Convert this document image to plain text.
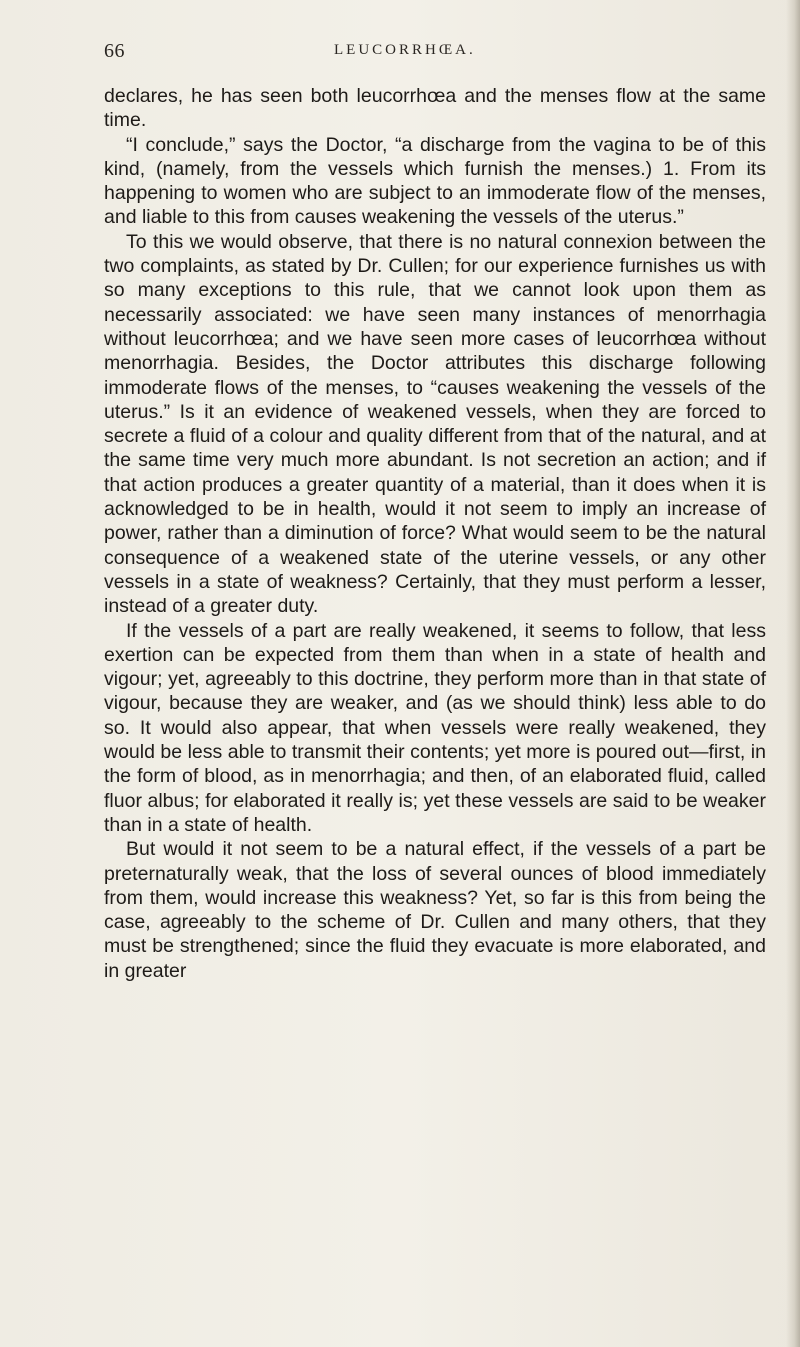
66	LEUCORRHŒA.

declares, he has seen both leucorrhœa and the menses flow at the same time.

“I conclude,” says the Doctor, “a discharge from the vagina to be of this kind, (namely, from the vessels which furnish the menses.) 1. From its happening to women who are subject to an immoderate flow of the menses, and liable to this from causes weakening the vessels of the uterus.”

To this we would observe, that there is no natural connexion between the two complaints, as stated by Dr. Cullen; for our experience furnishes us with so many exceptions to this rule, that we cannot look upon them as necessarily associated: we have seen many instances of menorrhagia without leucorrhœa; and we have seen more cases of leucorrhœa without menorrhagia. Besides, the Doctor attributes this discharge following immoderate flows of the menses, to “causes weakening the vessels of the uterus.” Is it an evidence of weakened vessels, when they are forced to secrete a fluid of a colour and quality different from that of the natural, and at the same time very much more abundant. Is not secretion an action; and if that action produces a greater quantity of a material, than it does when it is acknowledged to be in health, would it not seem to imply an increase of power, rather than a diminution of force? What would seem to be the natural consequence of a weakened state of the uterine vessels, or any other vessels in a state of weakness? Certainly, that they must perform a lesser, instead of a greater duty.

If the vessels of a part are really weakened, it seems to follow, that less exertion can be expected from them than when in a state of health and vigour; yet, agreeably to this doctrine, they perform more than in that state of vigour, because they are weaker, and (as we should think) less able to do so. It would also appear, that when vessels were really weakened, they would be less able to transmit their contents; yet more is poured out—first, in the form of blood, as in menorrhagia; and then, of an elaborated fluid, called fluor albus; for elaborated it really is; yet these vessels are said to be weaker than in a state of health.

But would it not seem to be a natural effect, if the vessels of a part be preternaturally weak, that the loss of several ounces of blood immediately from them, would increase this weakness? Yet, so far is this from being the case, agreeably to the scheme of Dr. Cullen and many others, that they must be strengthened; since the fluid they evacuate is more elaborated, and in greater
